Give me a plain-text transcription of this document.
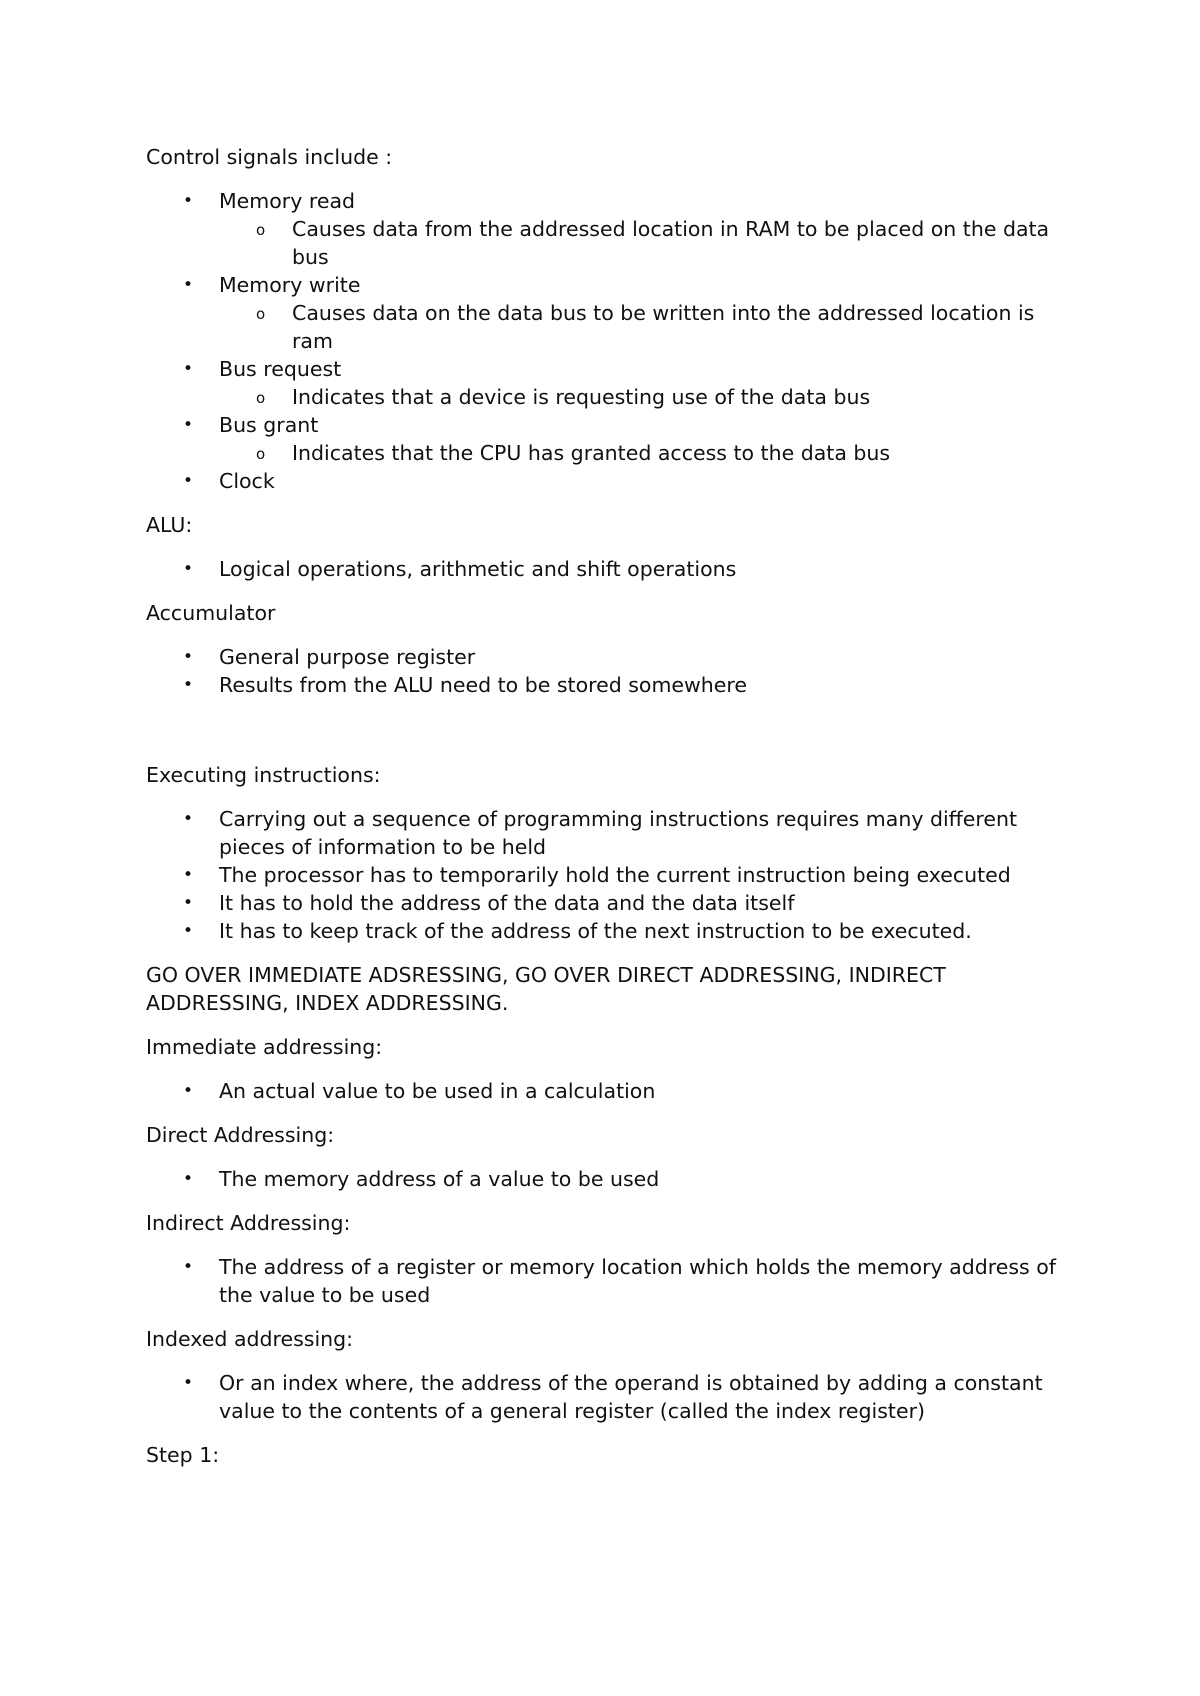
Control signals include :

•	Memory read
o Causes data from the addressed location in RAM to be placed on the data bus
•	Memory write
o Causes data on the data bus to be written into the addressed location is ram
•	Bus request
o Indicates that a device is requesting use of the data bus
•	Bus grant
o Indicates that the CPU has granted access to the data bus
•	Clock

ALU:

•	Logical operations, arithmetic and shift operations

Accumulator

•	General purpose register
•	Results from the ALU need to be stored somewhere

Executing instructions:

•	Carrying out a sequence of programming instructions requires many different pieces of information to be held
•	The processor has to temporarily hold the current instruction being executed
•	It has to hold the address of the data and the data itself
•	It has to keep track of the address of the next instruction to be executed.

GO OVER IMMEDIATE ADSRESSING, GO OVER DIRECT ADDRESSING, INDIRECT ADDRESSING, INDEX ADDRESSING.

Immediate addressing:

•	An actual value to be used in a calculation

Direct Addressing:

•	The memory address of a value to be used

Indirect Addressing:

•	The address of a register or memory location which holds the memory address of the value to be used

Indexed addressing:

•	Or an index where, the address of the operand is obtained by adding a constant value to the contents of a general register (called the index register)

Step 1:
